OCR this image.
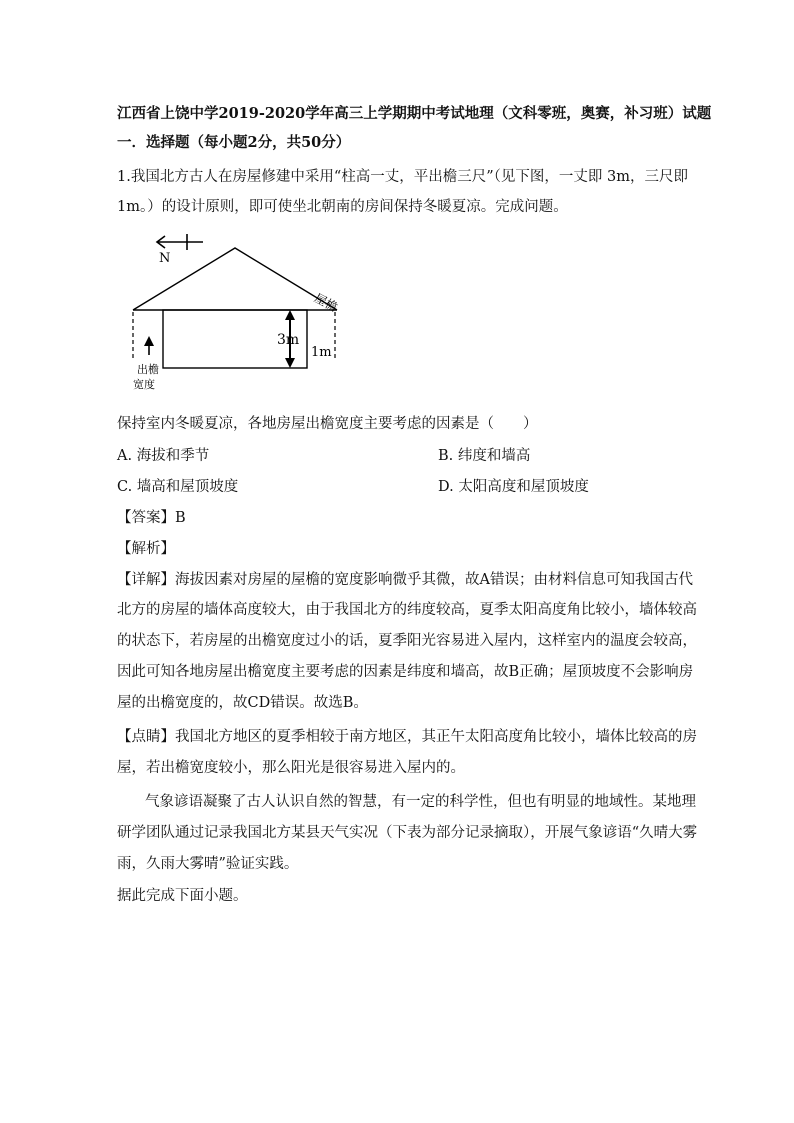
江西省上饶中学2019-2020学年高三上学期期中考试地理（文科零班，奥赛，补习班）试题
一．选择题（每小题2分，共50分）
1.我国北方古人在房屋修建中采用“柱高一丈，平出檐三尺”（见下图，一丈即 3m，三尺即
1m。）的设计原则，即可使坐北朝南的房间保持冬暖夏凉。完成问题。
N
3m
1m
屋檐
出檐
宽度
保持室内冬暖夏凉，各地房屋出檐宽度主要考虑的因素是（　　）
A. 海拔和季节	B. 纬度和墙高
C. 墙高和屋顶坡度	D. 太阳高度和屋顶坡度
【答案】B
【解析】
【详解】海拔因素对房屋的屋檐的宽度影响微乎其微，故A错误；由材料信息可知我国古代
北方的房屋的墙体高度较大，由于我国北方的纬度较高，夏季太阳高度角比较小，墙体较高
的状态下，若房屋的出檐宽度过小的话，夏季阳光容易进入屋内，这样室内的温度会较高，
因此可知各地房屋出檐宽度主要考虑的因素是纬度和墙高，故B正确；屋顶坡度不会影响房
屋的出檐宽度的，故CD错误。故选B。
【点睛】我国北方地区的夏季相较于南方地区，其正午太阳高度角比较小，墙体比较高的房
屋，若出檐宽度较小，那么阳光是很容易进入屋内的。
气象谚语凝聚了古人认识自然的智慧，有一定的科学性，但也有明显的地域性。某地理
研学团队通过记录我国北方某县天气实况（下表为部分记录摘取），开展气象谚语“久晴大雾
雨，久雨大雾晴”验证实践。
据此完成下面小题。
